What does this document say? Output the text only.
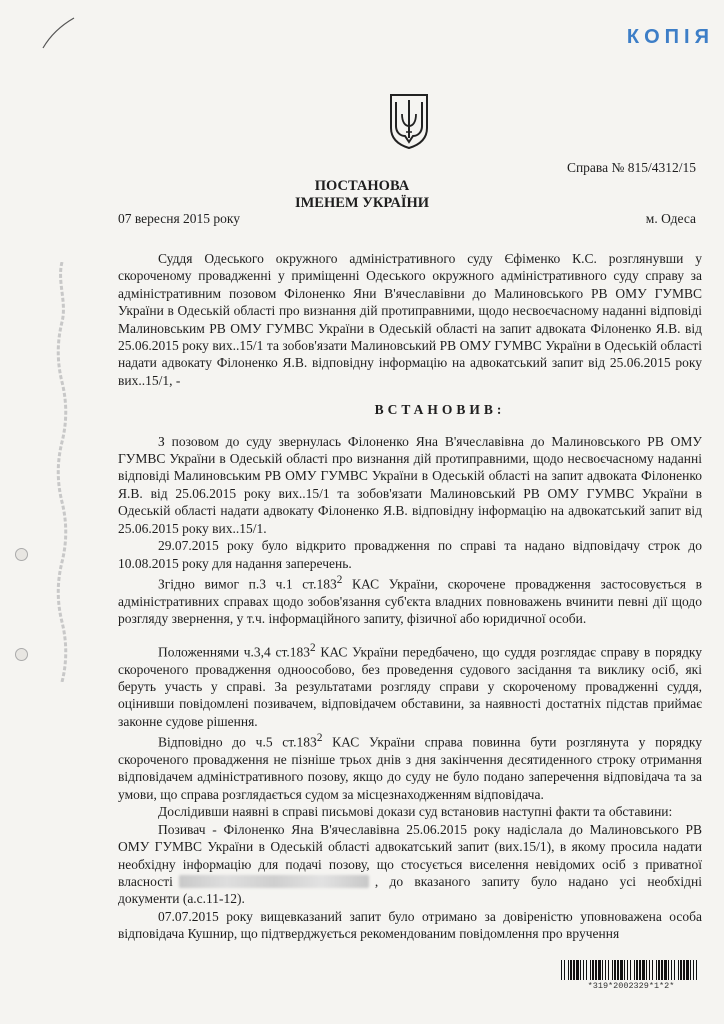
КОПІЯ
Справа № 815/4312/15
ПОСТАНОВА
ІМЕНЕМ УКРАЇНИ
07 вересня 2015 року	м. Одеса

Суддя Одеського окружного адміністративного суду Єфіменко К.С. розглянувши у скороченому провадженні у приміщенні Одеського окружного адміністративного суду справу за адміністративним позовом Філоненко Яни В'ячеславівни до Малиновського РВ ОМУ ГУМВС України в Одеській області про визнання дій протиправними, щодо несвоєчасному наданні відповіді Малиновським РВ ОМУ ГУМВС України в Одеській області на запит адвоката Філоненко Я.В. від 25.06.2015 року вих..15/1 та зобов'язати Малиновський РВ ОМУ ГУМВС України в Одеській області надати адвокату Філоненко Я.В. відповідну інформацію на адвокатський запит від 25.06.2015 року вих..15/1, -

ВСТАНОВИВ:

З позовом до суду звернулась Філоненко Яна В'ячеславівна до Малиновського РВ ОМУ ГУМВС України в Одеській області про визнання дій протиправними, щодо несвоєчасному наданні відповіді Малиновським РВ ОМУ ГУМВС України в Одеській області на запит адвоката Філоненко Я.В. від 25.06.2015 року вих..15/1 та зобов'язати Малиновський РВ ОМУ ГУМВС України в Одеській області надати адвокату Філоненко Я.В. відповідну інформацію на адвокатський запит від 25.06.2015 року вих..15/1.

29.07.2015 року було відкрито провадження по справі та надано відповідачу строк до 10.08.2015 року для надання заперечень.

Згідно вимог п.3 ч.1 ст.183$^2$ КАС України, скорочене провадження застосовується в адміністративних справах щодо зобов'язання суб'єкта владних повноважень вчинити певні дії щодо розгляду звернення, у т.ч. інформаційного запиту, фізичної або юридичної особи.

Положеннями ч.3,4 ст.183$^2$ КАС України передбачено, що суддя розглядає справу в порядку скороченого провадження одноособово, без проведення судового засідання та виклику осіб, які беруть участь у справі. За результатами розгляду справи у скороченому провадженні суддя, оцінивши повідомлені позивачем, відповідачем обставини, за наявності достатніх підстав приймає законне судове рішення.

Відповідно до ч.5 ст.183$^2$ КАС України справа повинна бути розглянута у порядку скороченого провадження не пізніше трьох днів з дня закінчення десятиденного строку отримання відповідачем адміністративного позову, якщо до суду не було подано заперечення відповідача та за умови, що справа розглядається судом за місцезнаходженням відповідача.

Дослідивши наявні в справі письмові докази суд встановив наступні факти та обставини:

Позивач - Філоненко Яна В'ячеславівна 25.06.2015 року надіслала до Малиновського РВ ОМУ ГУМВС України в Одеській області адвокатський запит (вих.15/1), в якому просила надати необхідну інформацію для подачі позову, що стосується виселення невідомих осіб з приватної власності	, до вказаного запиту було надано усі необхідні документи (а.с.11-12).

07.07.2015 року вищевказаний запит було отримано за довіреністю уповноважена особа відповідача Кушнир, що підтверджується рекомендованим повідомлення про вручення

*319*2002329*1*2*
